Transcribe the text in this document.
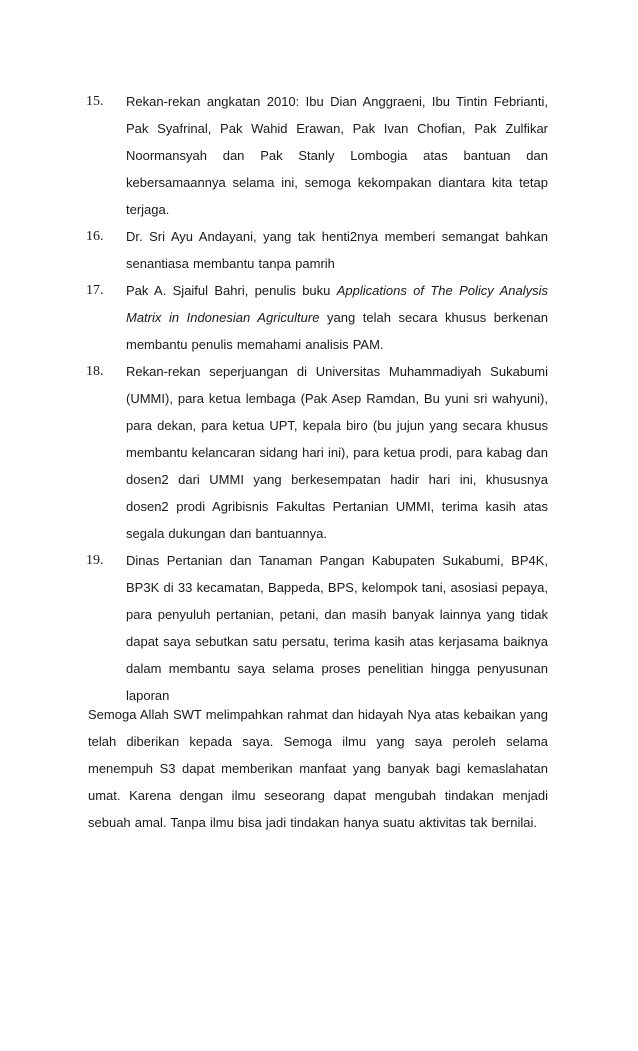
15.	Rekan-rekan angkatan 2010: Ibu Dian Anggraeni, Ibu Tintin Febrianti, Pak Syafrinal, Pak Wahid Erawan, Pak Ivan Chofian, Pak Zulfikar Noormansyah dan Pak Stanly Lombogia atas bantuan dan kebersamaannya selama ini, semoga kekompakan diantara kita tetap terjaga.
16.	Dr. Sri Ayu Andayani, yang tak henti2nya memberi semangat bahkan senantiasa membantu tanpa pamrih
17.	Pak A. Sjaiful Bahri, penulis buku Applications of The Policy Analysis Matrix in Indonesian Agriculture yang telah secara khusus berkenan membantu penulis memahami analisis PAM.
18.	Rekan-rekan seperjuangan di Universitas Muhammadiyah Sukabumi (UMMI), para ketua lembaga (Pak Asep Ramdan, Bu yuni sri wahyuni), para dekan, para ketua UPT, kepala biro (bu jujun yang secara khusus membantu kelancaran sidang hari ini), para ketua prodi, para kabag dan dosen2 dari UMMI yang berkesempatan hadir hari ini, khususnya dosen2 prodi Agribisnis Fakultas Pertanian UMMI, terima kasih atas segala dukungan dan bantuannya.
19.	Dinas Pertanian dan Tanaman Pangan Kabupaten Sukabumi, BP4K, BP3K di 33 kecamatan, Bappeda, BPS, kelompok tani, asosiasi pepaya, para penyuluh pertanian, petani, dan masih banyak lainnya yang tidak dapat saya sebutkan satu persatu, terima kasih atas kerjasama baiknya dalam membantu saya selama proses penelitian hingga penyusunan laporan
Semoga Allah SWT melimpahkan rahmat dan hidayah Nya atas kebaikan yang telah diberikan kepada saya. Semoga ilmu yang saya peroleh selama menempuh S3 dapat memberikan manfaat yang banyak bagi kemaslahatan umat. Karena dengan ilmu seseorang dapat mengubah tindakan menjadi sebuah amal. Tanpa ilmu bisa jadi tindakan hanya suatu aktivitas tak bernilai.
